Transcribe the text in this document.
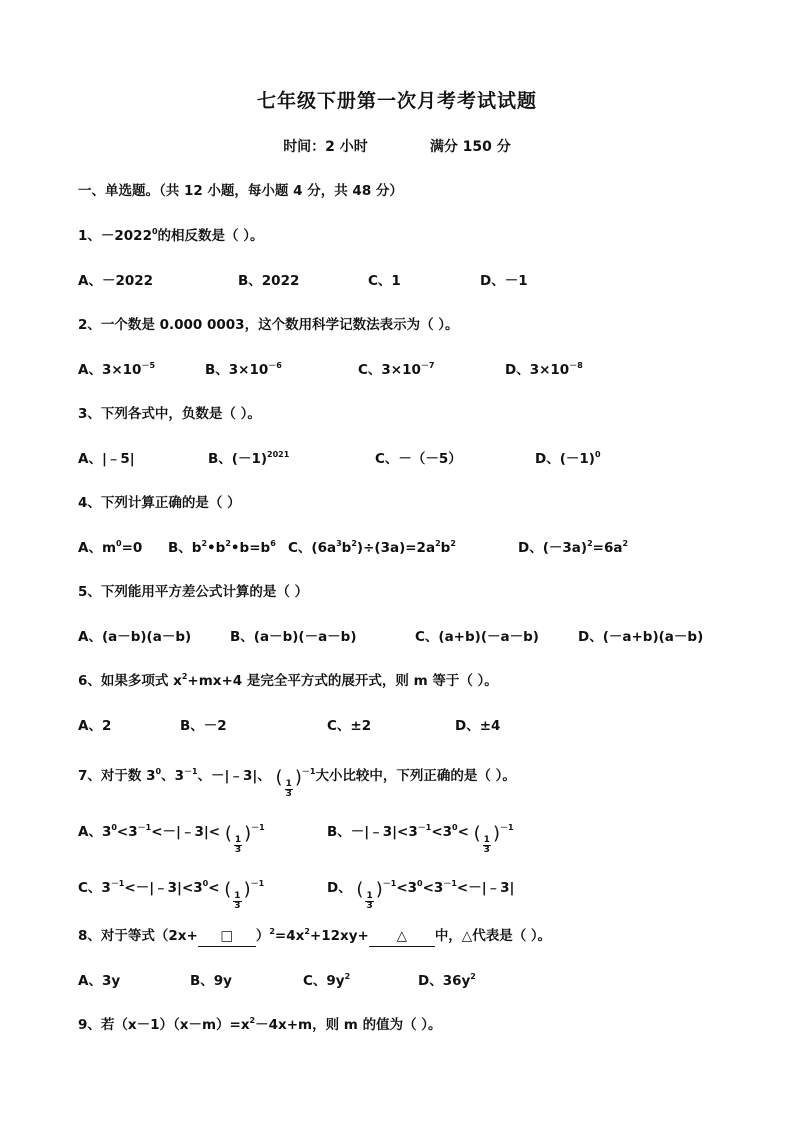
七年级下册第一次月考考试试题
时间：2 小时	满分 150 分
一、单选题。（共 12 小题，每小题 4 分，共 48 分）
1、$-2022^0$的相反数是（ ）。
A、－2022	B、2022	C、1	D、－1
2、一个数是 0.000 0003，这个数用科学记数法表示为（ ）。
A、$3\times 10^{-5}$	B、$3\times 10^{-6}$	C、$3\times 10^{-7}$	D、$3\times 10^{-8}$
3、下列各式中，负数是（ ）。
A、|﹣5|	B、$(-1)^{2021}$	C、－（－5）	D、$(-1)^0$
4、下列计算正确的是（ ）
A、$m^0=0$ B、$b^2•b^2•b=b^6$ C、$(6a^3b^2)\div(3a)=2a^2b^2$	D、$(-3a)^2=6a^2$
5、下列能用平方差公式计算的是（ ）
A、(a－b)(a－b)	B、(a－b)(－a－b)	C、(a+b)(－a－b)	D、(－a+b)(a－b)
6、如果多项式 $x^2+mx+4$ 是完全平方式的展开式，则 m 等于（ ）。
A、2	B、－2	C、±2	D、±4
7、对于数 $3^0$、$3^{-1}$、－|﹣3|、 (
$\frac{1}{3}$
)$^{-1}$大小比较中，下列正确的是（ ）。
A、$3^0<3^{-1}<-|﹣3|<$ (
$\frac{1}{3}$
)$^{-1}$	B、$-|﹣3|<3^{-1}<3^0<$ (
$\frac{1}{3}$
)$^{-1}$
C、$3^{-1}<-|﹣3|<3^0<$ (
$\frac{1}{3}$
)$^{-1}$	D、 (
$\frac{1}{3}$
)$^{-1}<3^0<3^{-1}<-|﹣3|$
8、对于等式（2x+ □ ）$^2=4x^2+12xy+$ △ 中，△代表是（ ）。
A、3y	B、9y	C、$9y^2$	D、$36y^2$
9、若$(x-1)(x-m)=x^2-4x+m$，则 m 的值为（ ）。
